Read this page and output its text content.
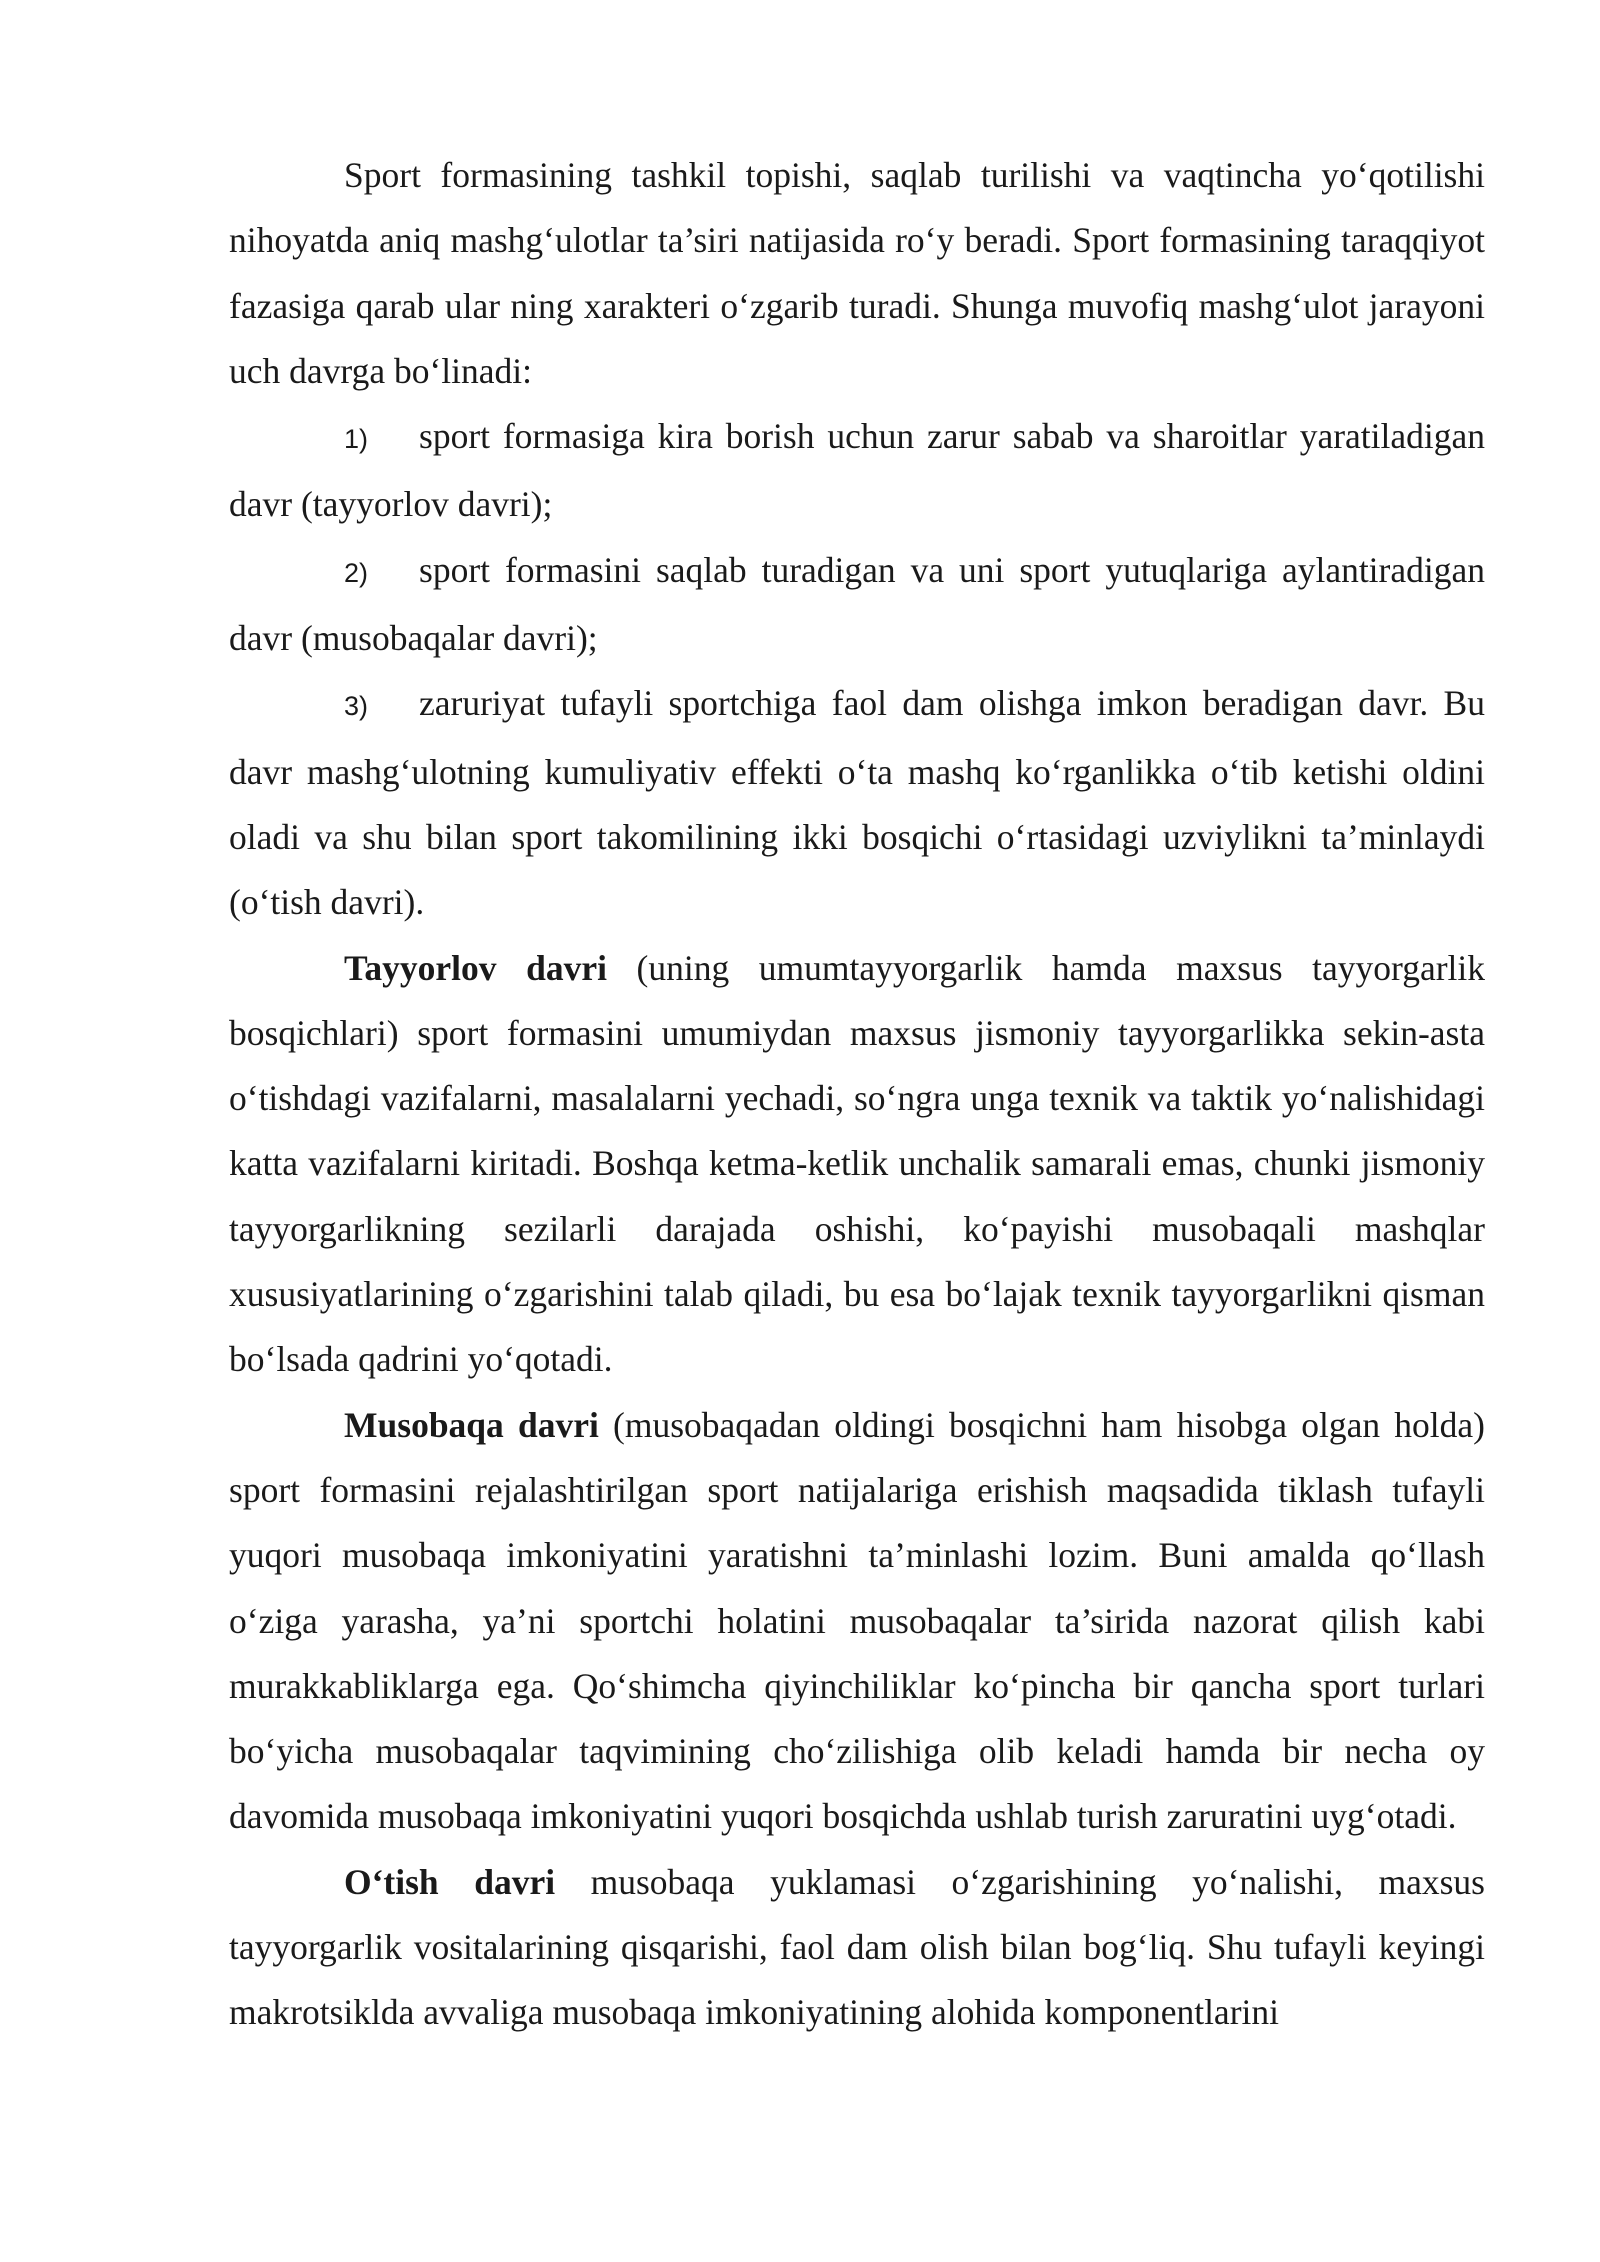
Sport formasining tashkil topishi, saqlab turilishi va vaqtincha yo‘qotilishi nihoyatda aniq mashg‘ulotlar ta’siri natijasida ro‘y beradi. Sport formasining taraqqiyot fazasiga qarab ular ning xarakteri o‘zgarib turadi. Shunga muvofiq mashg‘ulot jarayoni uch davrga bo‘linadi:

1) sport formasiga kira borish uchun zarur sabab va sharoitlar yaratiladigan davr (tayyorlov davri);

2) sport formasini saqlab turadigan va uni sport yutuqlariga aylantiradigan davr (musobaqalar davri);

3) zaruriyat tufayli sportchiga faol dam olishga imkon beradigan davr. Bu davr mashg‘ulotning kumuliyativ effekti o‘ta mashq ko‘rganlikka o‘tib ketishi oldini oladi va shu bilan sport takomilining ikki bosqichi o‘rtasidagi uzviylikni ta’minlaydi (o‘tish davri).

Tayyorlov davri (uning umumtayyorgarlik hamda maxsus tayyorgarlik bosqichlari) sport formasini umumiydan maxsus jismoniy tayyorgarlikka sekin-asta o‘tishdagi vazifalarni, masalalarni yechadi, so‘ngra unga texnik va taktik yo‘nalishidagi katta vazifalarni kiritadi. Boshqa ketma-ketlik unchalik samarali emas, chunki jismoniy tayyorgarlikning sezilarli darajada oshishi, ko‘payishi musobaqali mashqlar xususiyatlarining o‘zgarishini talab qiladi, bu esa bo‘lajak texnik tayyorgarlikni qisman bo‘lsada qadrini yo‘qotadi.

Musobaqa davri (musobaqadan oldingi bosqichni ham hisobga olgan holda) sport formasini rejalashtirilgan sport natijalariga erishish maqsadida tiklash tufayli yuqori musobaqa imkoniyatini yaratishni ta’minlashi lozim. Buni amalda qo‘llash o‘ziga yarasha, ya’ni sportchi holatini musobaqalar ta’sirida nazorat qilish kabi murakkabliklarga ega. Qo‘shimcha qiyinchiliklar ko‘pincha bir qancha sport turlari bo‘yicha musobaqalar taqvimining cho‘zilishiga olib keladi hamda bir necha oy davomida musobaqa imkoniyatini yuqori bosqichda ushlab turish zaruratini uyg‘otadi.

O‘tish davri musobaqa yuklamasi o‘zgarishining yo‘nalishi, maxsus tayyorgarlik vositalarining qisqarishi, faol dam olish bilan bog‘liq. Shu tufayli keyingi makrotsiklda avvaliga musobaqa imkoniyatining alohida komponentlarini
